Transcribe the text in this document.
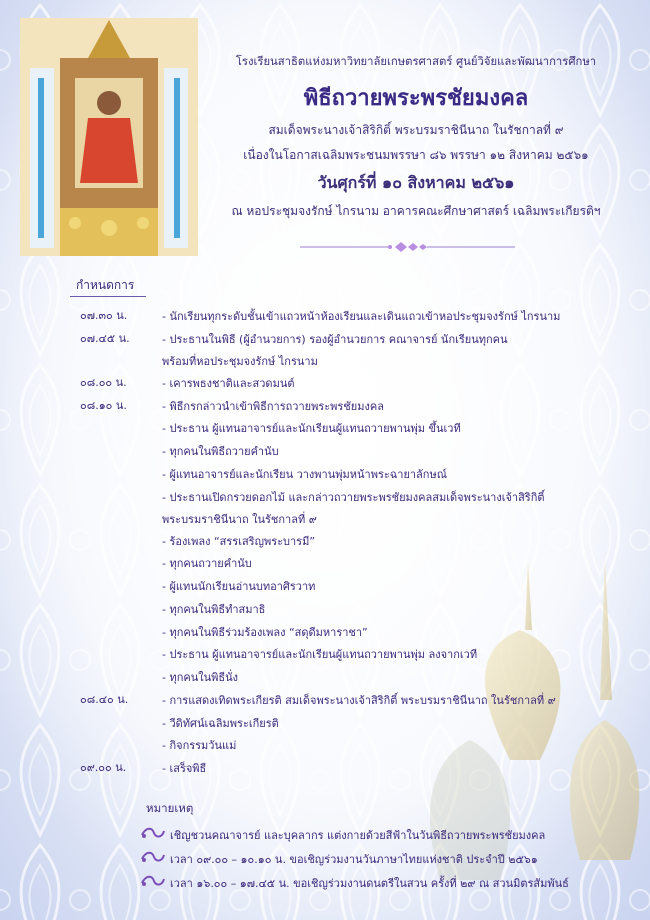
โรงเรียนสาธิตแห่งมหาวิทยาลัยเกษตรศาสตร์ ศูนย์วิจัยและพัฒนาการศึกษา
พิธีถวายพระพรชัยมงคล
สมเด็จพระนางเจ้าสิริกิติ์ พระบรมราชินีนาถ ในรัชกาลที่ ๙
เนื่องในโอกาสเฉลิมพระชนมพรรษา ๘๖ พรรษา ๑๒ สิงหาคม ๒๕๖๑
วันศุกร์ที่ ๑๐ สิงหาคม ๒๕๖๑
ณ หอประชุมจงรักษ์ ไกรนาม อาคารคณะศึกษาศาสตร์ เฉลิมพระเกียรติฯ
กำหนดการ
๐๗.๓๐ น.	- นักเรียนทุกระดับชั้นเข้าแถวหน้าห้องเรียนและเดินแถวเข้าหอประชุมจงรักษ์ ไกรนาม
๐๗.๔๕ น.	- ประธานในพิธี (ผู้อำนวยการ) รองผู้อำนวยการ คณาจารย์ นักเรียนทุกคน
พร้อมที่หอประชุมจงรักษ์ ไกรนาม
๐๘.๐๐ น.	- เคารพธงชาติและสวดมนต์
๐๘.๑๐ น.	- พิธีกรกล่าวนำเข้าพิธีการถวายพระพรชัยมงคล
- ประธาน ผู้แทนอาจารย์และนักเรียนผู้แทนถวายพานพุ่ม ขึ้นเวที
- ทุกคนในพิธีถวายคำนับ
- ผู้แทนอาจารย์และนักเรียน วางพานพุ่มหน้าพระฉายาลักษณ์
- ประธานเปิดกรวยดอกไม้ และกล่าวถวายพระพรชัยมงคลสมเด็จพระนางเจ้าสิริกิติ์
พระบรมราชินีนาถ ในรัชกาลที่ ๙
- ร้องเพลง “สรรเสริญพระบารมี”
- ทุกคนถวายคำนับ
- ผู้แทนนักเรียนอ่านบทอาศิรวาท
- ทุกคนในพิธีทำสมาธิ
- ทุกคนในพิธีร่วมร้องเพลง “สดุดีมหาราชา”
- ประธาน ผู้แทนอาจารย์และนักเรียนผู้แทนถวายพานพุ่ม ลงจากเวที
- ทุกคนในพิธีนั่ง
๐๘.๔๐ น.	- การแสดงเทิดพระเกียรติ สมเด็จพระนางเจ้าสิริกิติ์ พระบรมราชินีนาถ ในรัชกาลที่ ๙
- วีดิทัศน์เฉลิมพระเกียรติ
- กิจกรรมวันแม่
๐๙.๐๐ น.	- เสร็จพิธี
หมายเหตุ
เชิญชวนคณาจารย์ และบุคลากร แต่งกายด้วยสีฟ้าในวันพิธีถวายพระพรชัยมงคล
เวลา ๐๙.๐๐ – ๑๐.๑๐ น. ขอเชิญร่วมงานวันภาษาไทยแห่งชาติ ประจำปี ๒๕๖๑
เวลา ๑๖.๐๐ – ๑๗.๔๕ น. ขอเชิญร่วมงานดนตรีในสวน ครั้งที่ ๒๙ ณ สวนมิตรสัมพันธ์
